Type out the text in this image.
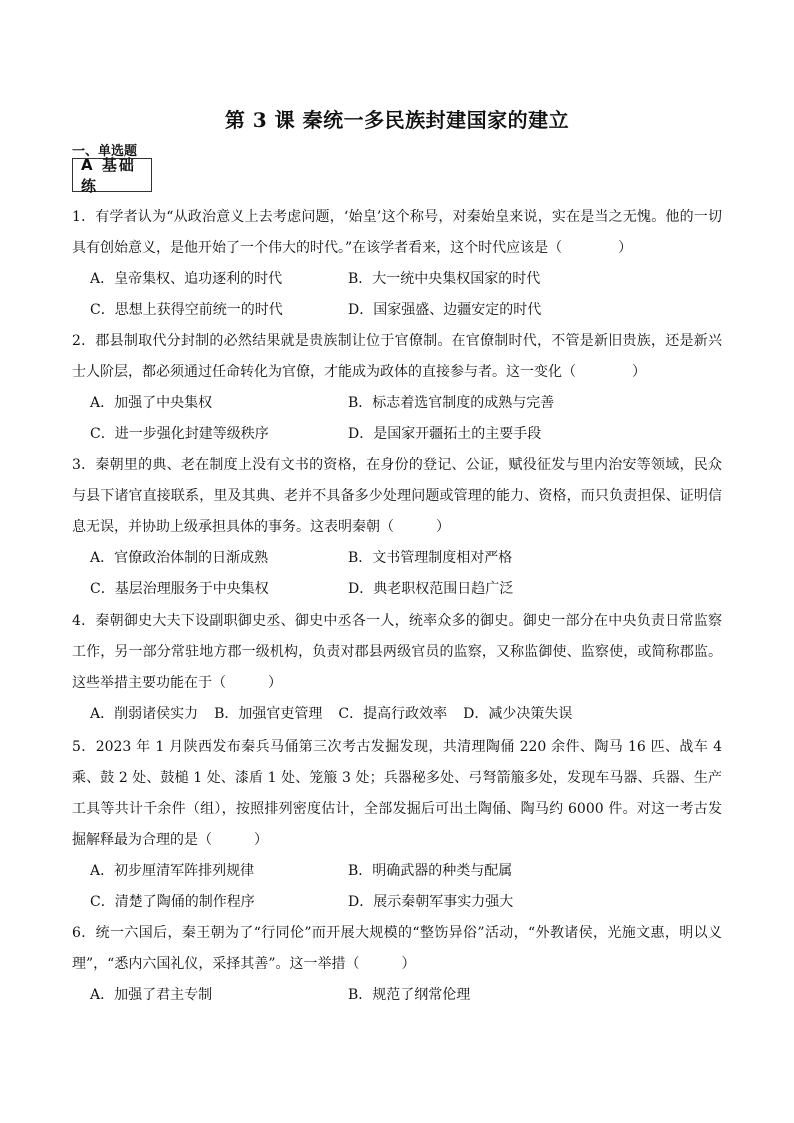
第 3 课 秦统一多民族封建国家的建立
一、单选题
A 基础练
1．有学者认为“从政治意义上去考虑问题，‘始皇’这个称号，对秦始皇来说，实在是当之无愧。他的一切具有创始意义，是他开始了一个伟大的时代。”在该学者看来，这个时代应该是（　　　　）
A．皇帝集权、追功逐利的时代	B．大一统中央集权国家的时代
C．思想上获得空前统一的时代	D．国家强盛、边疆安定的时代
2．郡县制取代分封制的必然结果就是贵族制让位于官僚制。在官僚制时代，不管是新旧贵族，还是新兴士人阶层，都必须通过任命转化为官僚，才能成为政体的直接参与者。这一变化（　　　　）
A．加强了中央集权	B．标志着选官制度的成熟与完善
C．进一步强化封建等级秩序	D．是国家开疆拓土的主要手段
3．秦朝里的典、老在制度上没有文书的资格，在身份的登记、公证，赋役征发与里内治安等领域，民众与县下诸官直接联系，里及其典、老并不具备多少处理问题或管理的能力、资格，而只负责担保、证明信息无误，并协助上级承担具体的事务。这表明秦朝（　　　）
A．官僚政治体制的日渐成熟	B．文书管理制度相对严格
C．基层治理服务于中央集权	D．典老职权范围日趋广泛
4．秦朝御史大夫下设副职御史丞、御史中丞各一人，统率众多的御史。御史一部分在中央负责日常监察工作，另一部分常驻地方郡一级机构，负责对郡县两级官员的监察，又称监御使、监察使，或简称郡监。这些举措主要功能在于（　　　）
A．削弱诸侯实力 B．加强官吏管理 C．提高行政效率 D．减少决策失误
5．2023 年 1 月陕西发布秦兵马俑第三次考古发掘发现，共清理陶俑 220 余件、陶马 16 匹、战车 4 乘、鼓 2 处、鼓槌 1 处、漆盾 1 处、笼箙 3 处；兵器秘多处、弓弩箭箙多处，发现车马器、兵器、生产工具等共计千余件（组），按照排列密度估计，全部发掘后可出土陶俑、陶马约 6000 件。对这一考古发掘解释最为合理的是（　　　）
A．初步厘清军阵排列规律	B．明确武器的种类与配属
C．清楚了陶俑的制作程序	D．展示秦朝军事实力强大
6．统一六国后，秦王朝为了“行同伦”而开展大规模的“整饬异俗”活动，“外教诸侯，光施文惠，明以义理”，“悉内六国礼仪，采择其善”。这一举措（　　　）
A．加强了君主专制	B．规范了纲常伦理
